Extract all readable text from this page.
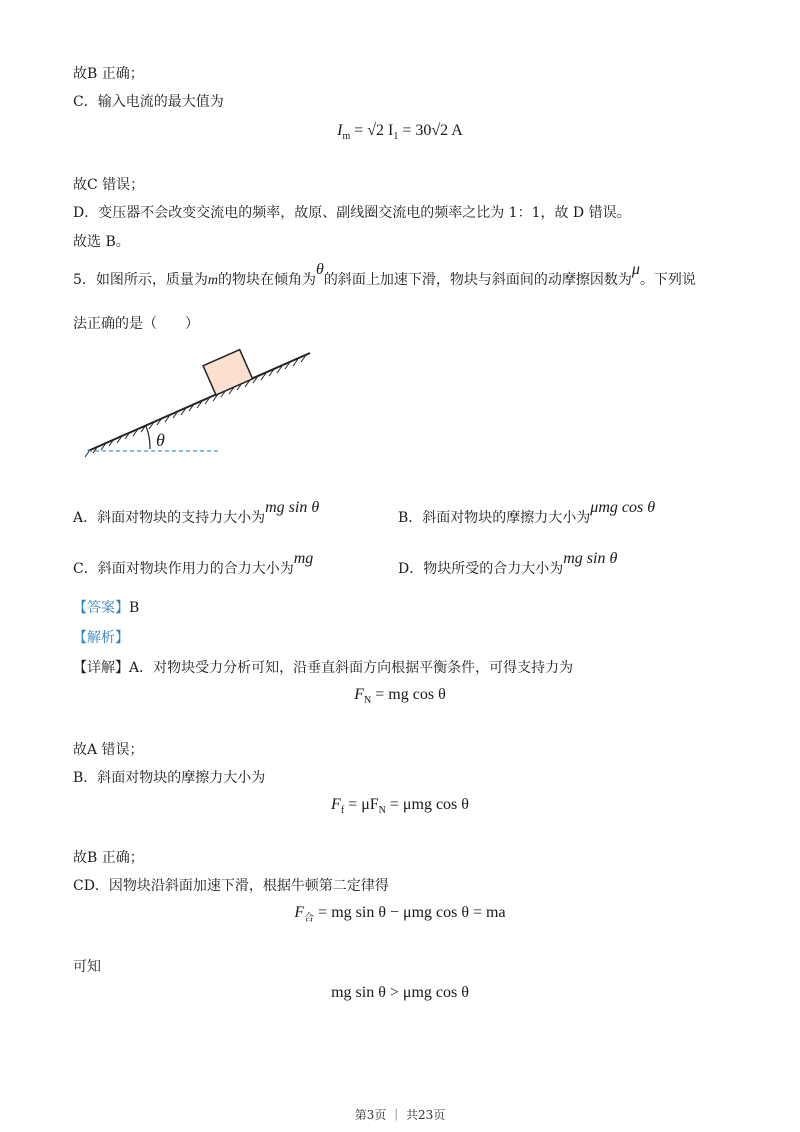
故B 正确；
C．输入电流的最大值为
$I_m = √2$ $I_1 = 30√2$ A
故C 错误；
D．变压器不会改变交流电的频率，故原、副线圈交流电的频率之比为 1：1，故 D 错误。
故选 B。
5．如图所示，质量为m的物块在倾角为θ的斜面上加速下滑，物块与斜面间的动摩擦因数为μ。下列说
法正确的是（　　）
θ
A．斜面对物块的支持力大小为mg sin θ
B．斜面对物块的摩擦力大小为μmg cos θ
C．斜面对物块作用力的合力大小为mg
D．物块所受的合力大小为mg sin θ
【答案】B
【解析】
【详解】A．对物块受力分析可知，沿垂直斜面方向根据平衡条件，可得支持力为
$F_N$ = mg cos θ
故A 错误；
B．斜面对物块的摩擦力大小为
$F_f = \mu F_N = \mu mg$ cos θ
故B 正确；
CD．因物块沿斜面加速下滑，根据牛顿第二定律得
$F_合$ = mg sin θ − μmg cos θ = ma
可知
mg sin θ > μmg cos θ
第3页 ｜ 共23页
